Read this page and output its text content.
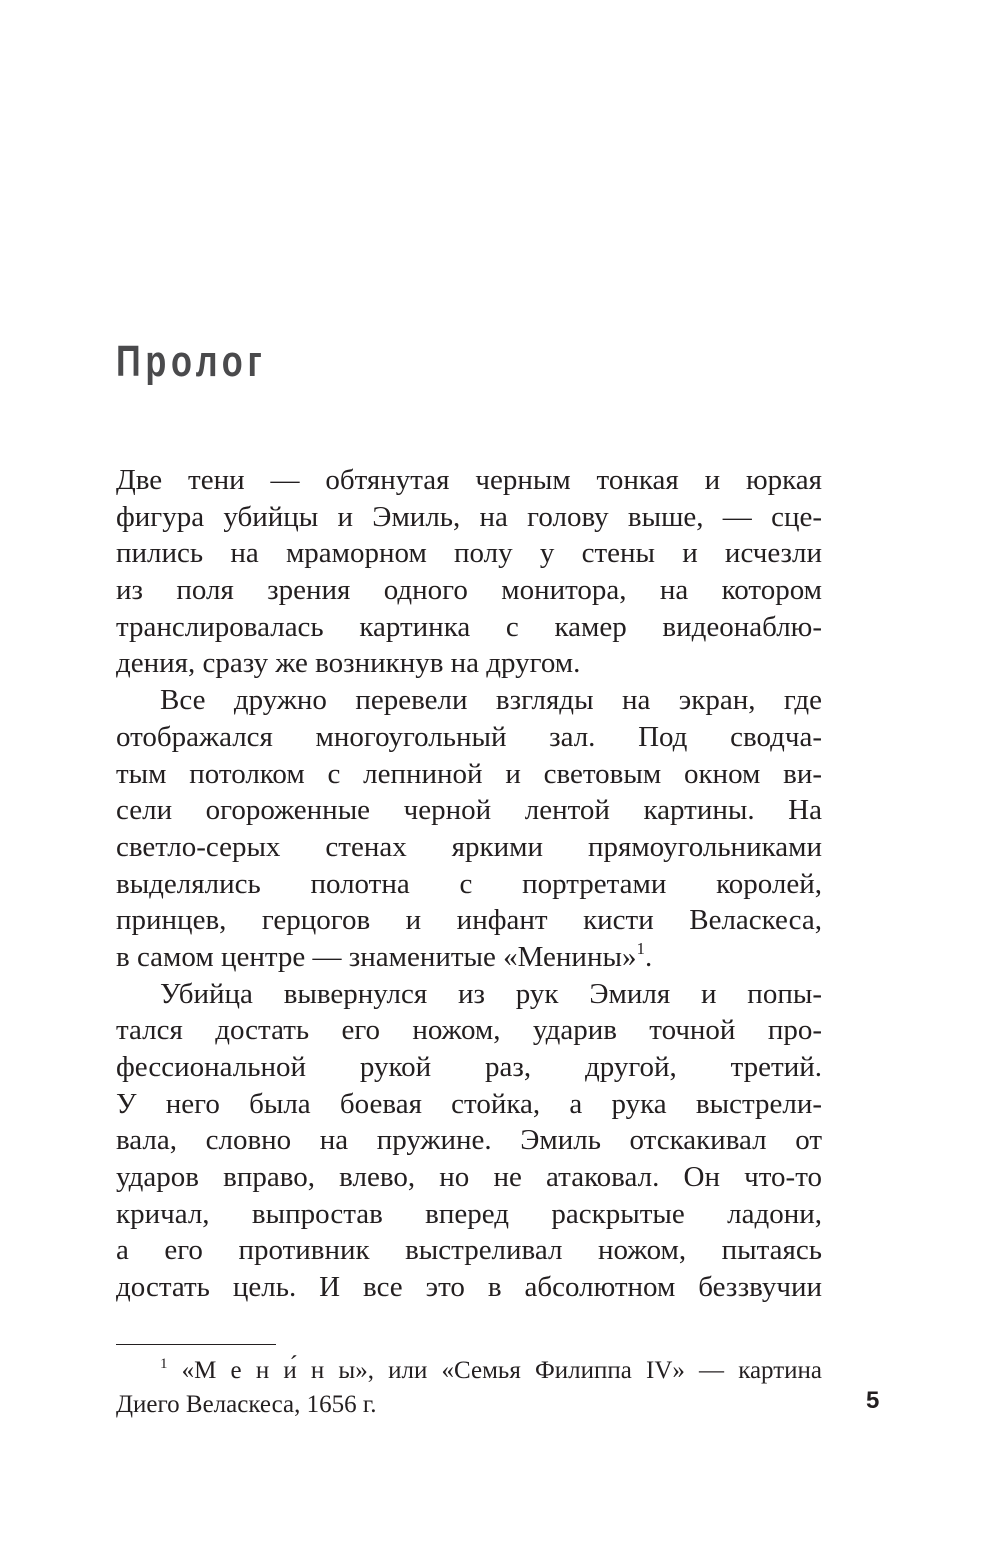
Пролог
Две тени — обтянутая черным тонкая и юркая
фигура убийцы и Эмиль, на голову выше, — сце-
пились на мраморном полу у стены и исчезли
из поля зрения одного монитора, на котором
транслировалась картинка с камер видеонаблю-
дения, сразу же возникнув на другом.
Все дружно перевели взгляды на экран, где
отображался многоугольный зал. Под сводча-
тым потолком с лепниной и световым окном ви-
сели огороженные черной лентой картины. На
светло-серых стенах яркими прямоугольниками
выделялись полотна с портретами королей,
принцев, герцогов и инфант кисти Веласкеса,
в самом центре — знаменитые «Менины»$^1$.
Убийца вывернулся из рук Эмиля и попы-
тался достать его ножом, ударив точной про-
фессиональной рукой раз, другой, третий.
У него была боевая стойка, а рука выстрели-
вала, словно на пружине. Эмиль отскакивал от
ударов вправо, влево, но не атаковал. Он что-то
кричал, выпростав вперед раскрытые ладони,
а его противник выстреливал ножом, пытаясь
достать цель. И все это в абсолютном беззвучии
$^1$ «М е н и́ н ы», или «Семья Филиппа IV» — картина
Диего Веласкеса, 1656 г.	5
